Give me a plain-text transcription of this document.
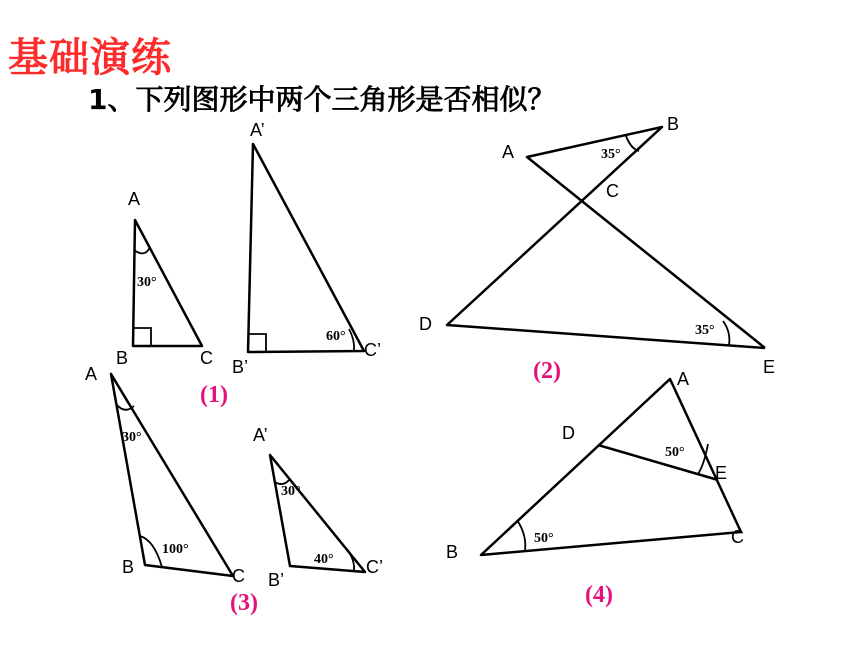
基础演练
1、下列图形中两个三角形是否相似？
A
B	C
A’
B’
C’
30°
60°
(1)
A
B
C
D
E
35°
35°
(2)
A
B	C
A’
B’
C’
30°
100°
30°
40°
(3)
A
B
C
D
E
50°
50°
(4)
